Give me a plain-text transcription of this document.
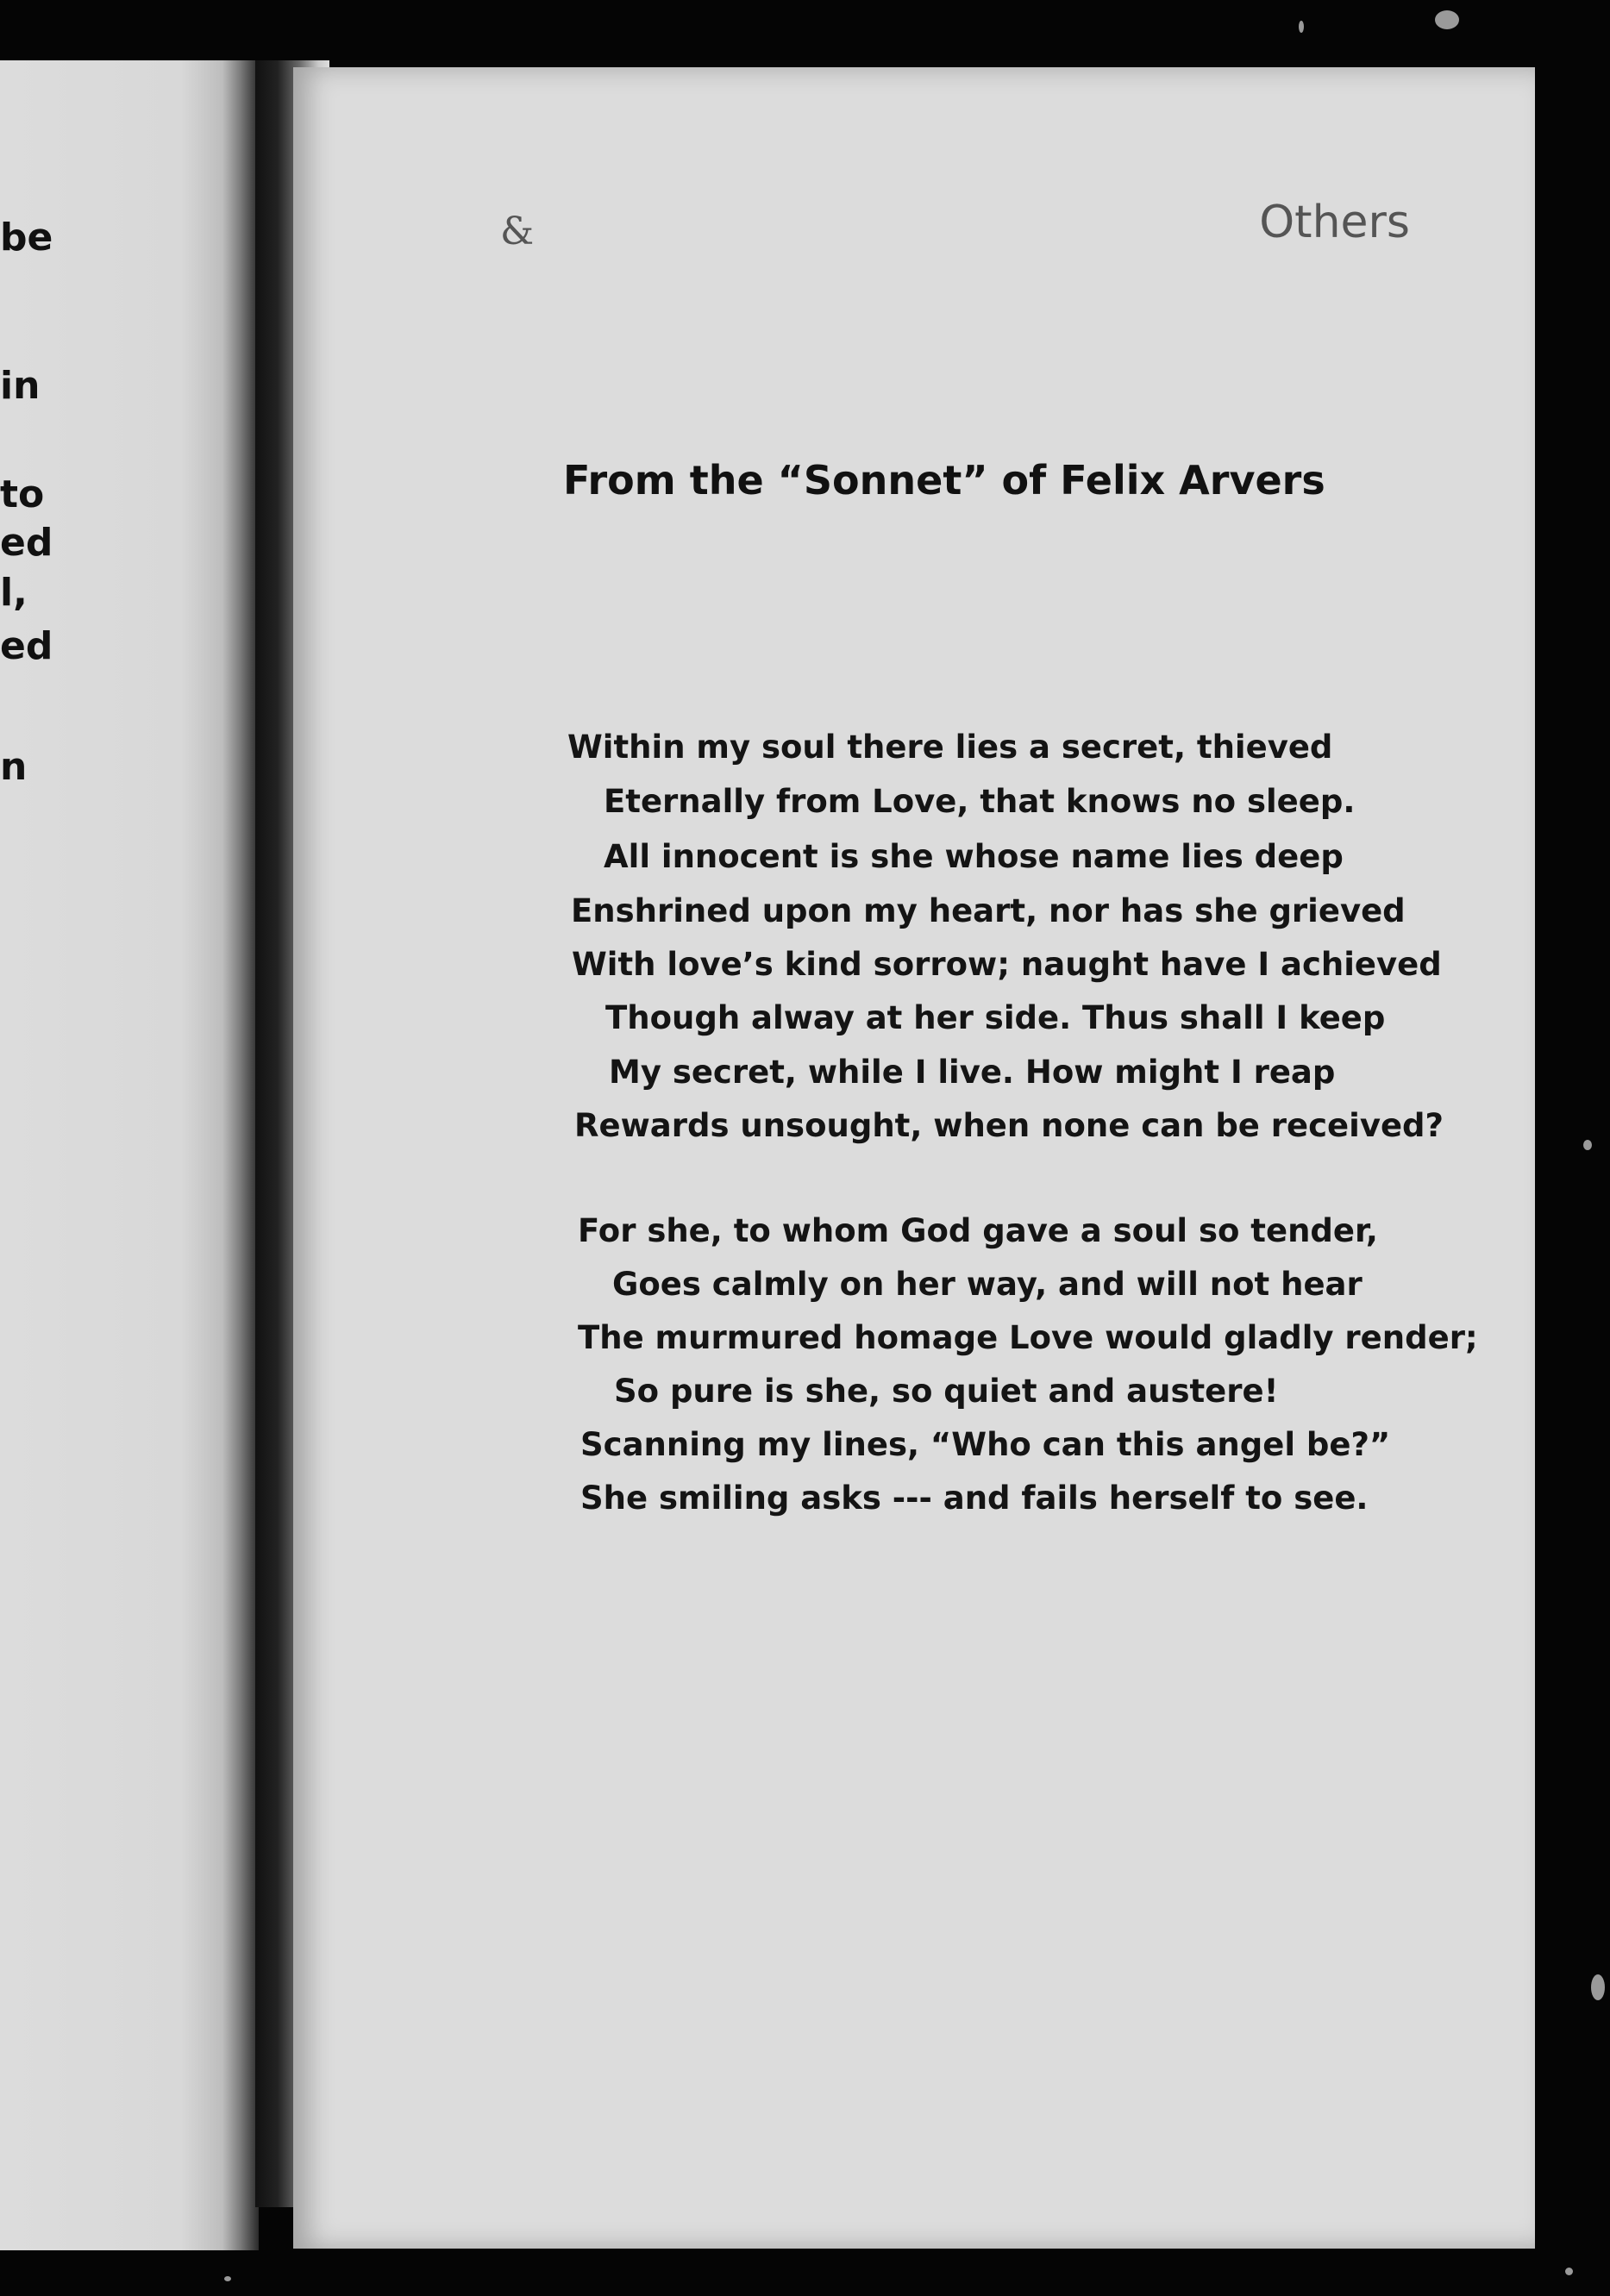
be
in
to
ed
l,
ed
n
&	Others
From the “Sonnet” of Felix Arvers
Within my soul there lies a secret, thieved
Eternally from Love, that knows no sleep.
All innocent is she whose name lies deep
Enshrined upon my heart, nor has she grieved
With love’s kind sorrow; naught have I achieved
Though alway at her side. Thus shall I keep
My secret, while I live. How might I reap
Rewards unsought, when none can be received?
For she, to whom God gave a soul so tender,
Goes calmly on her way, and will not hear
The murmured homage Love would gladly render;
So pure is she, so quiet and austere!
Scanning my lines, “Who can this angel be?”
She smiling asks --- and fails herself to see.
